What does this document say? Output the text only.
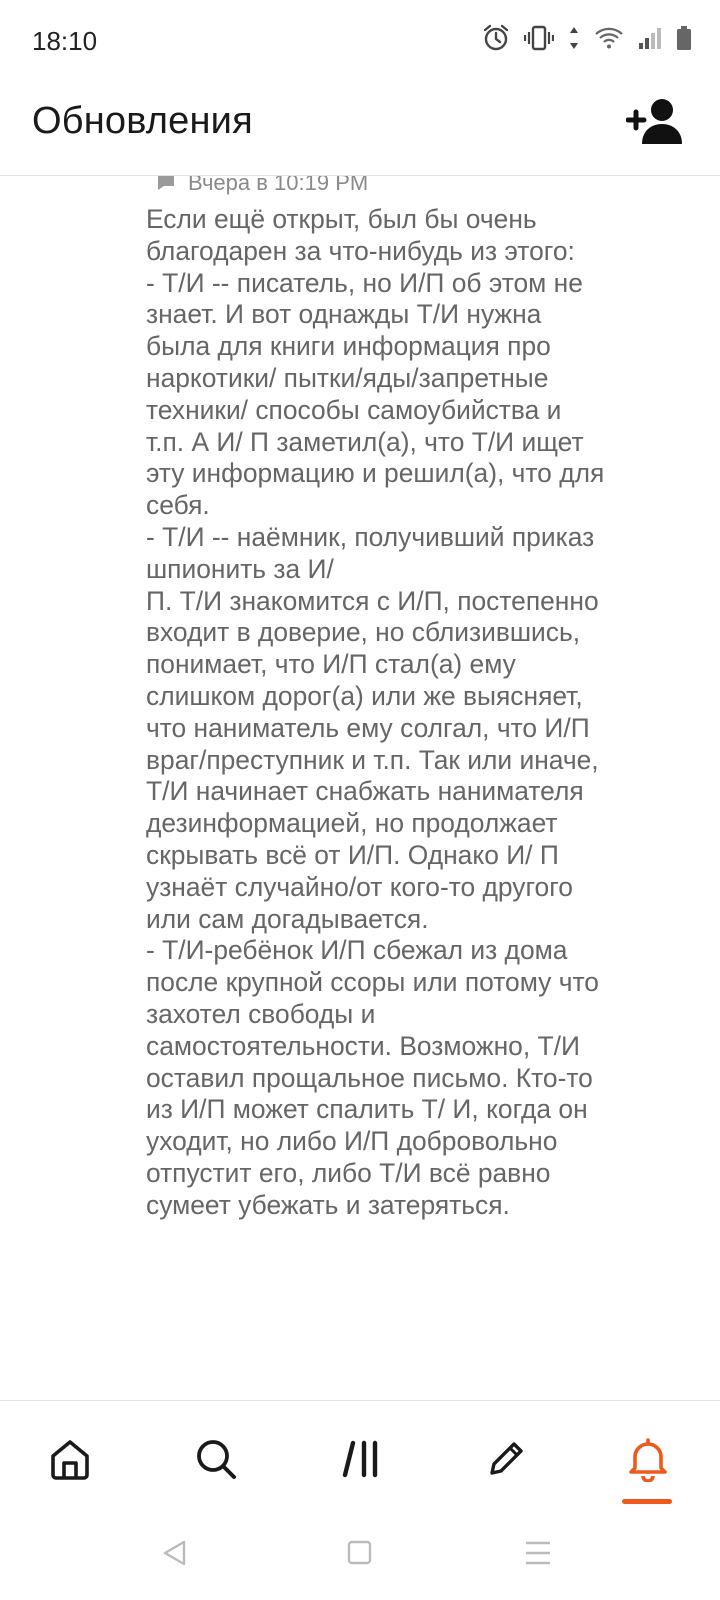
18:10
Обновления
Вчера в 10:19 PM
Если ещё открыт, был бы очень благодарен за что-нибудь из этого:
- Т/И -- писатель, но И/П об этом не знает. И вот однажды Т/И нужна была для книги информация про наркотики/ пытки/яды/запретные техники/ способы самоубийства и т.п. А И/ П заметил(а), что Т/И ищет эту информацию и решил(а), что для себя.
- Т/И -- наёмник, получивший приказ шпионить за И/
П. Т/И знакомится с И/П, постепенно входит в доверие, но сблизившись, понимает, что И/П стал(а) ему слишком дорог(а) или же выясняет, что наниматель ему солгал, что И/П враг/преступник и т.п. Так или иначе, Т/И начинает снабжать нанимателя дезинформацией, но продолжает скрывать всё от И/П. Однако И/ П узнаёт случайно/от кого-то другого или сам догадывается.
- Т/И-ребёнок И/П сбежал из дома после крупной ссоры или потому что захотел свободы и самостоятельности. Возможно, Т/И оставил прощальное письмо. Кто-то из И/П может спалить Т/ И, когда он уходит, но либо И/П добровольно отпустит его, либо Т/И всё равно сумеет убежать и затеряться.
